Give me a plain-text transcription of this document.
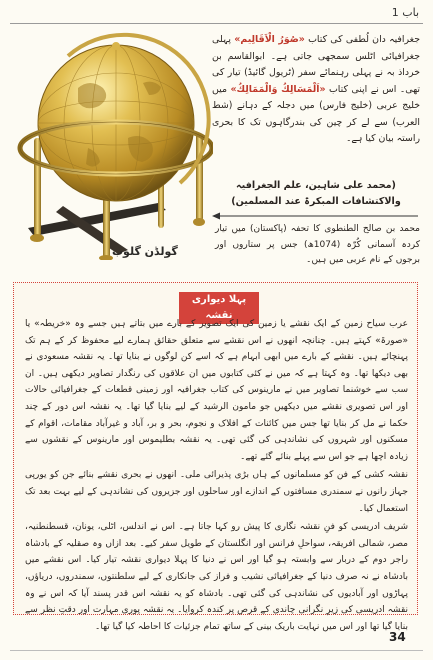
باب 1
گولڈن گلوب
جغرافیہ دان لُطفی کی کتاب «صُوَرُ الْاَقَالِیم» پہلی جغرافیائی اٹلس سمجھی جاتی ہے۔ ابوالقاسم بن خرداذ بہ نے پہلی رہنمائے سفر (ٹریول گائیڈ) تیار کی تھی۔ اس نے اپنی کتاب «اَلْمَسَالِكُ وَالْمَمَالِكُ» میں خلیج عربی (خلیج فارس) میں دجلہ کے دہانے (شط العرب) سے لے کر چین کی بندرگاہوں تک کا بحری راستہ بیان کیا ہے۔
(محمد علی شاہین، علم الجغرافیہ
والاکتشافات المبکرۃ عند المسلمین)
محمد بن صالح الطنطوی کا تحفہ (پاکستان) میں تیار کردہ آسمانی کُرّہ (1074ھ) جس پر ستاروں اور برجوں کے نام عربی میں ہیں۔
پہلا دیواری نقشہ

عرب سیاح زمین کے ایک نقشے یا زمین کی ایک تصویر کے بارے میں بتاتے ہیں جسے وہ «خریطہ» یا «صورۃ» کہتے ہیں۔ چنانچہ انھوں نے اس نقشے سے متعلق حقائق ہمارے لیے محفوظ کر کے ہم تک پہنچائے ہیں۔ نقشے کے بارے میں ابھی ابہام ہے کہ اسے کن لوگوں نے بنایا تھا۔ یہ نقشہ مسعودی نے بھی دیکھا تھا۔ وہ کہتا ہے کہ میں نے کئی کتابوں میں ان علاقوں کی رنگدار تصاویر دیکھی ہیں۔ ان سب سے خوشنما تصاویر میں نے مارینوس کی کتاب جغرافیہ اور زمینی قطعات کے جغرافیائی حالات اور اس تصویری نقشے میں دیکھیں جو مامون الرشید کے لیے بنایا گیا تھا۔ یہ نقشہ اس دور کے چند حکما نے مل کر بنایا تھا جس میں کائنات کے افلاک و نجوم، بحر و بر، آباد و غیرآباد مقامات، اقوام کے مسکنوں اور شہروں کی نشاندہی کی گئی تھی۔ یہ نقشہ بطلیموس اور مارینوس کے نقشوں سے زیادہ اچھا ہے جو اس سے پہلے بنائے گئے تھے۔

نقشہ کشی کے فن کو مسلمانوں کے ہاں بڑی پذیرائی ملی۔ انھوں نے بحری نقشے بنائے جن کو یورپی جہاز رانوں نے سمندری مسافتوں کے اندازے اور ساحلوں اور جزیروں کی نشاندہی کے لیے بہت بعد تک استعمال کیا۔

شریف ادریسی کو فنِ نقشہ نگاری کا پیش رو کہا جاتا ہے۔ اس نے اندلس، اٹلی، یونان، قسطنطنیہ، مصر، شمالی افریقہ، سواحلِ فرانس اور انگلستان کے طویل سفر کیے۔ بعد ازاں وہ صقلیہ کے بادشاہ راجر دوم کے دربار سے وابستہ ہو گیا اور اس نے دنیا کا پہلا دیواری نقشہ تیار کیا۔ اس نقشے میں بادشاہ نے نہ صرف دنیا کے جغرافیائی نشیب و فراز کی جانکاری کے لیے سلطنتوں، سمندروں، دریاؤں، پہاڑوں اور آبادیوں کی نشاندہی کی گئی تھی۔ بادشاہ کو یہ نقشہ اس قدر پسند آیا کہ اس نے وہ نقشہ ادریسی کی زیرِ نگرانی چاندی کے قرص پر کندہ کروایا۔ یہ نقشہ پوری مہارت اور دقتِ نظر سے بنایا گیا تھا اور اس میں نہایت باریک بینی کے ساتھ تمام جزئیات کا احاطہ کیا گیا تھا۔

34
